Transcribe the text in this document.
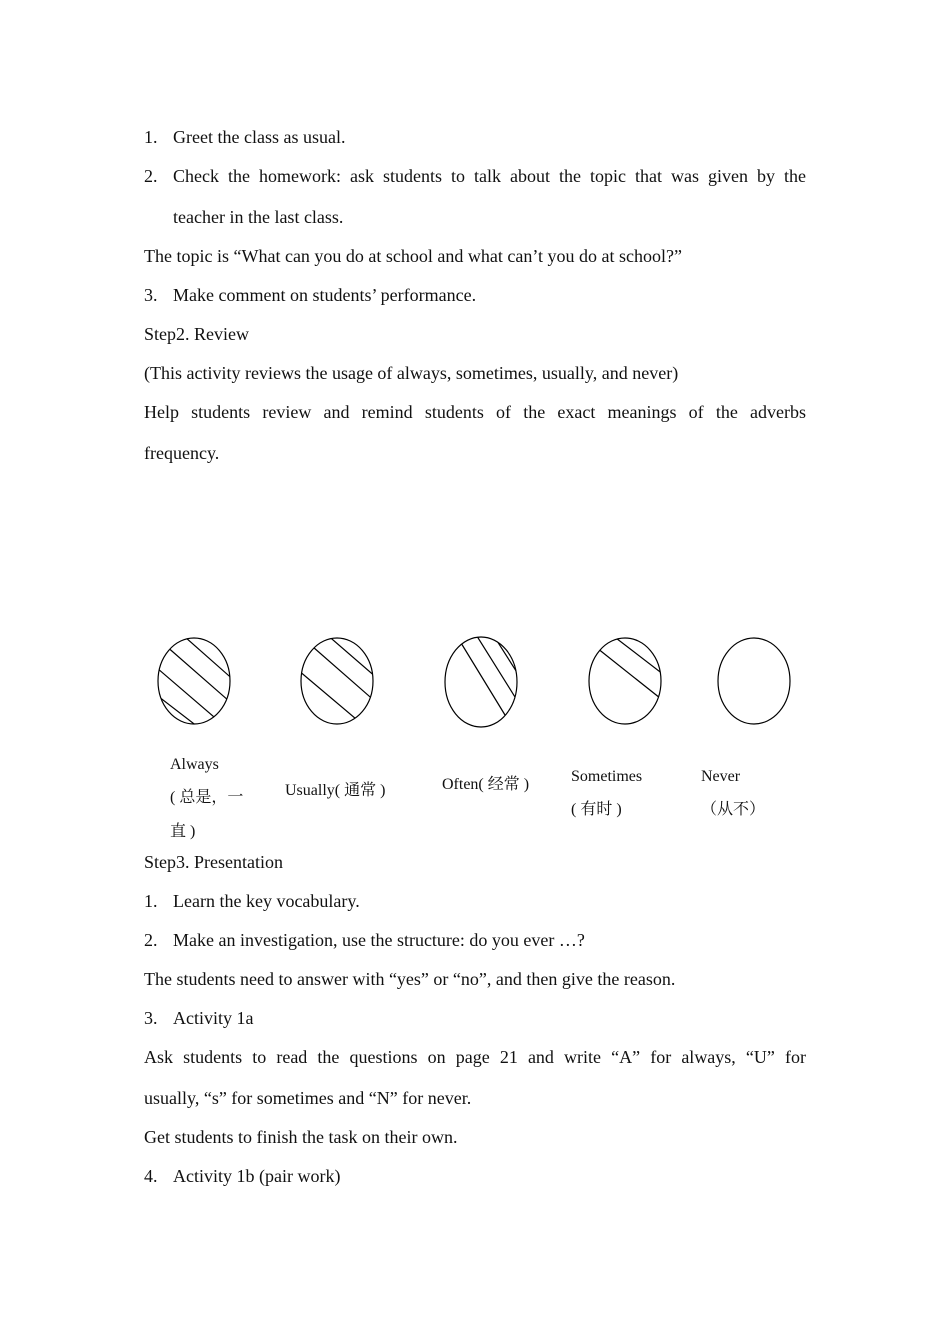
1. Greet the class as usual.
2. Check the homework: ask students to talk about the topic that was given by the
teacher in the last class.
The topic is “What can you do at school and what can’t you do at school?”
3. Make comment on students’ performance.
Step2. Review
(This activity reviews the usage of always, sometimes, usually, and never)
Help students review and remind students of the exact meanings of the adverbs
frequency.
Always
( 总是，一
直 )
Usually( 通常 )	Often( 经常 )	Sometimes
( 有时 )
Never
（从不）
Step3. Presentation
1. Learn the key vocabulary.
2. Make an investigation, use the structure: do you ever …?
The students need to answer with “yes” or “no”, and then give the reason.
3. Activity 1a
Ask students to read the questions on page 21 and write “A” for always, “U” for
usually, “s” for sometimes and “N” for never.
Get students to finish the task on their own.
4. Activity 1b (pair work)
